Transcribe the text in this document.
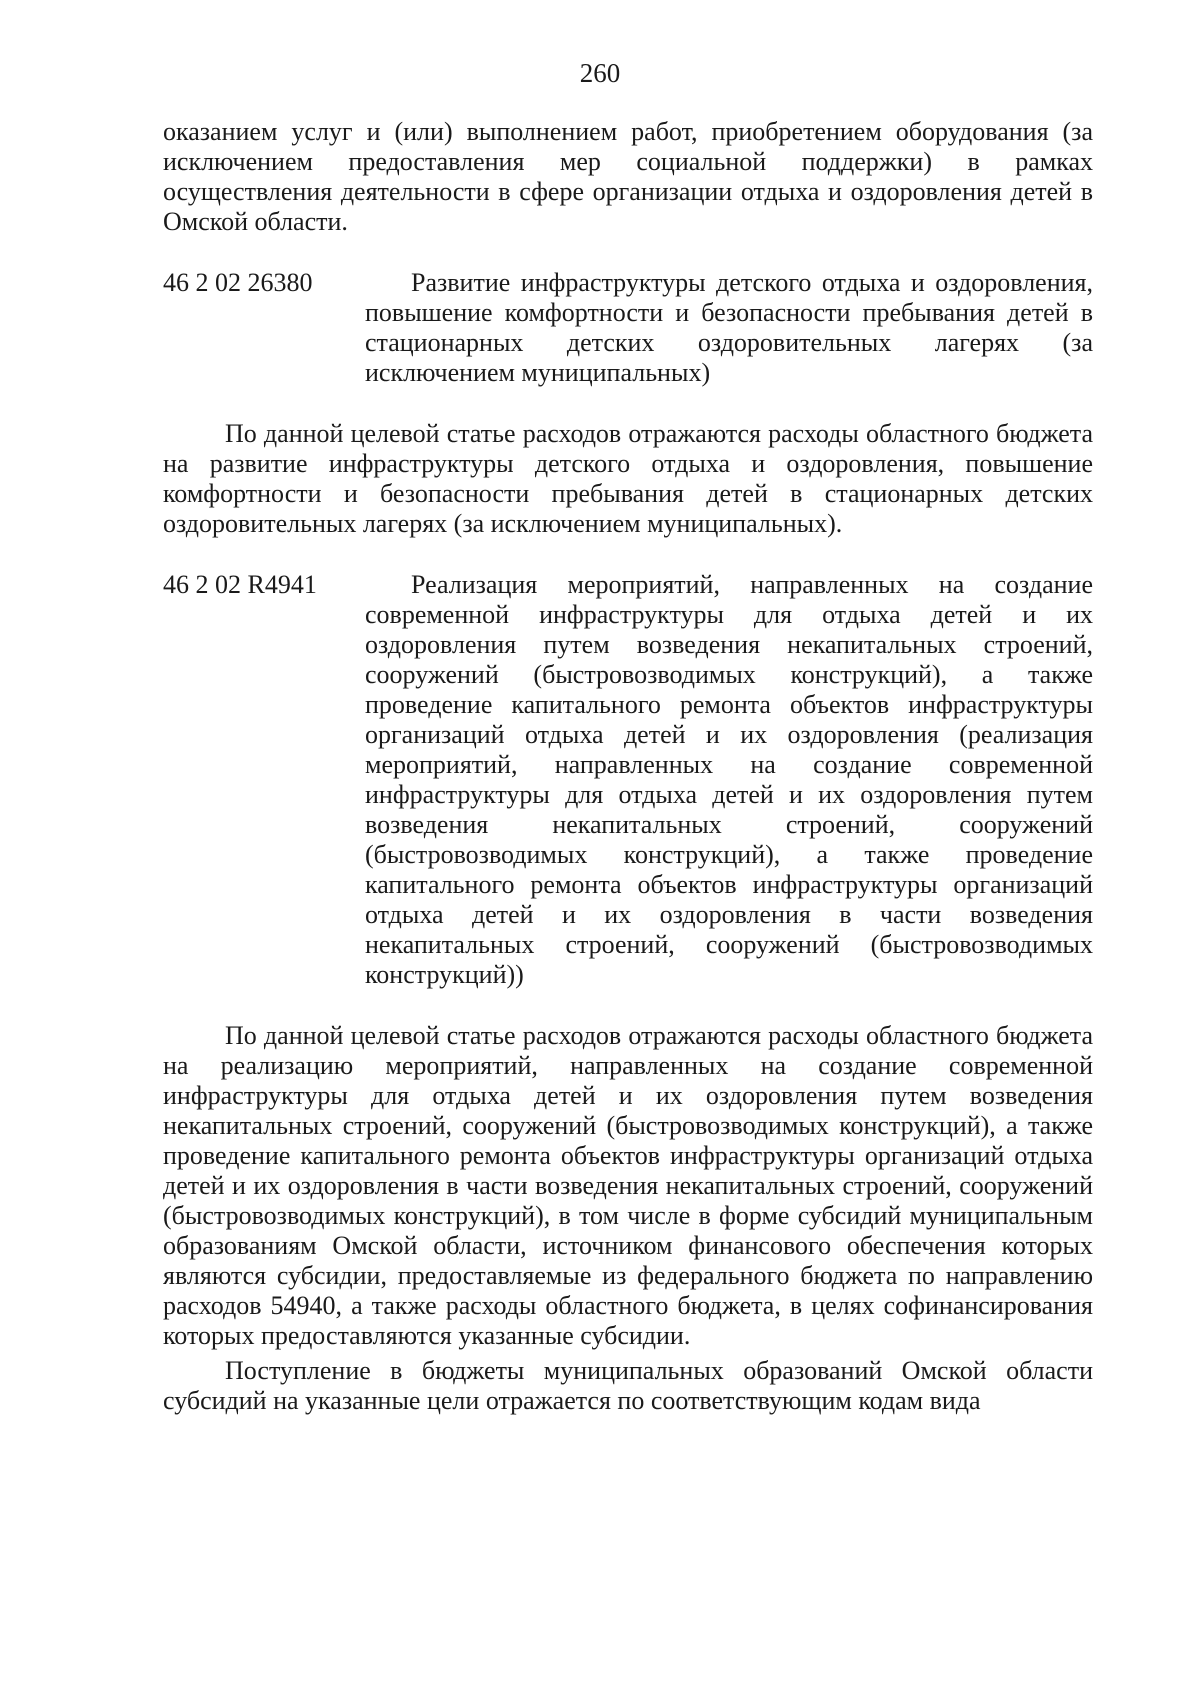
260

оказанием услуг и (или) выполнением работ, приобретением оборудования (за исключением предоставления мер социальной поддержки) в рамках осуществления деятельности в сфере организации отдыха и оздоровления детей в Омской области.

46 2 02 26380	Развитие инфраструктуры детского отдыха и оздоровления, повышение комфортности и безопасности пребывания детей в стационарных детских оздоровительных лагерях (за исключением муниципальных)

По данной целевой статье расходов отражаются расходы областного бюджета на развитие инфраструктуры детского отдыха и оздоровления, повышение комфортности и безопасности пребывания детей в стационарных детских оздоровительных лагерях (за исключением муниципальных).

46 2 02 R4941	Реализация мероприятий, направленных на создание современной инфраструктуры для отдыха детей и их оздоровления путем возведения некапитальных строений, сооружений (быстровозводимых конструкций), а также проведение капитального ремонта объектов инфраструктуры организаций отдыха детей и их оздоровления (реализация мероприятий, направленных на создание современной инфраструктуры для отдыха детей и их оздоровления путем возведения некапитальных строений, сооружений (быстровозводимых конструкций), а также проведение капитального ремонта объектов инфраструктуры организаций отдыха детей и их оздоровления в части возведения некапитальных строений, сооружений (быстровозводимых конструкций))

По данной целевой статье расходов отражаются расходы областного бюджета на реализацию мероприятий, направленных на создание современной инфраструктуры для отдыха детей и их оздоровления путем возведения некапитальных строений, сооружений (быстровозводимых конструкций), а также проведение капитального ремонта объектов инфраструктуры организаций отдыха детей и их оздоровления в части возведения некапитальных строений, сооружений (быстровозводимых конструкций), в том числе в форме субсидий муниципальным образованиям Омской области, источником финансового обеспечения которых являются субсидии, предоставляемые из федерального бюджета по направлению расходов 54940, а также расходы областного бюджета, в целях софинансирования которых предоставляются указанные субсидии.

Поступление в бюджеты муниципальных образований Омской области субсидий на указанные цели отражается по соответствующим кодам вида
